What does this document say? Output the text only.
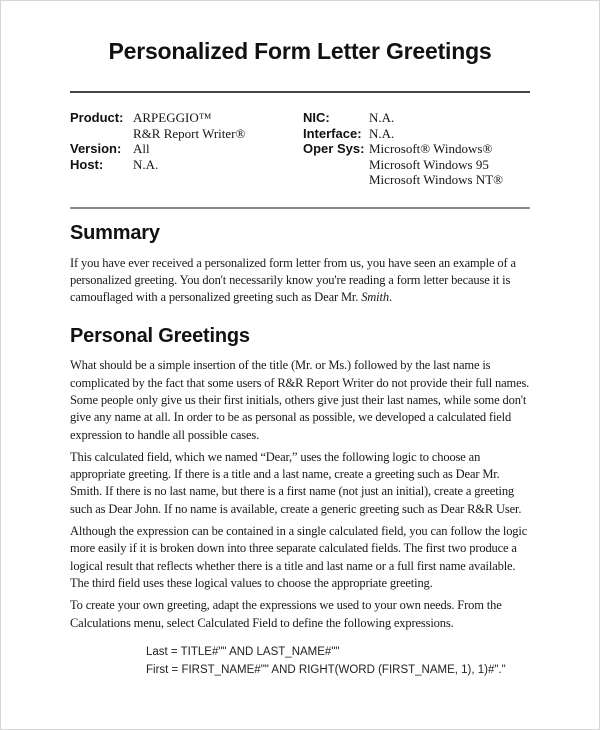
Personalized Form Letter Greetings
Product: ARPEGGIO™
R&R Report Writer®
Version: All
Host:	N.A.
NIC:	N.A.
Interface: N.A.
Oper Sys: Microsoft® Windows®
Microsoft Windows 95
Microsoft Windows NT®
Summary

If you have ever received a personalized form letter from us, you have seen an example of a personalized greeting. You don't necessarily know you're reading a form letter because it is camouflaged with a personalized greeting such as Dear Mr. Smith.

Personal Greetings

What should be a simple insertion of the title (Mr. or Ms.) followed by the last name is complicated by the fact that some users of R&R Report Writer do not provide their full names. Some people only give us their first initials, others give just their last names, while some don't give any name at all. In order to be as personal as possible, we developed a calculated field expression to handle all possible cases.

This calculated field, which we named “Dear,” uses the following logic to choose an appropriate greeting. If there is a title and a last name, create a greeting such as Dear Mr. Smith. If there is no last name, but there is a first name (not just an initial), create a greeting such as Dear John. If no name is available, create a generic greeting such as Dear R&R User.

Although the expression can be contained in a single calculated field, you can follow the logic more easily if it is broken down into three separate calculated fields. The first two produce a logical result that reflects whether there is a title and last name or a full first name available. The third field uses these logical values to choose the appropriate greeting.

To create your own greeting, adapt the expressions we used to your own needs. From the Calculations menu, select Calculated Field to define the following expressions.

Last = TITLE#"" AND LAST_NAME#""
First = FIRST_NAME#"" AND RIGHT(WORD (FIRST_NAME, 1), 1)#"."
